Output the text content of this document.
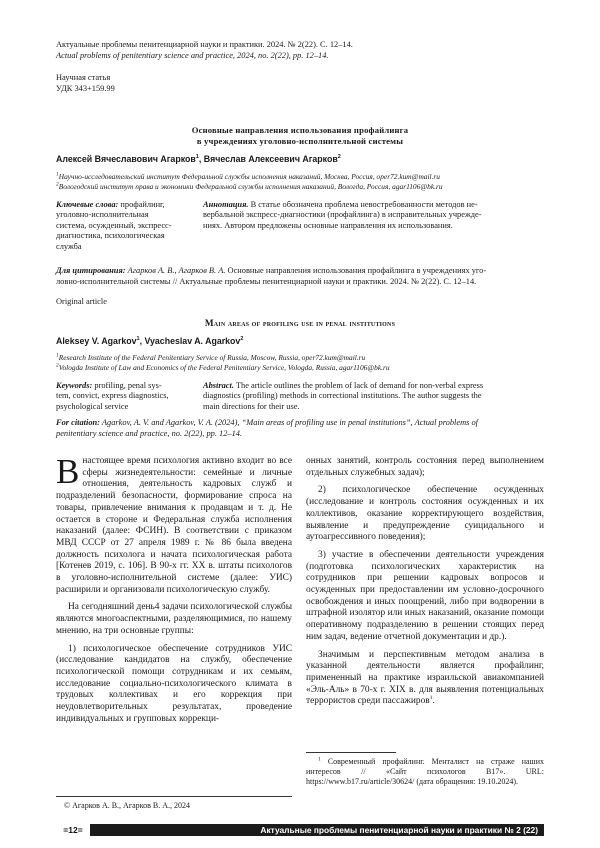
Актуальные проблемы пенитенциарной науки и практики. 2024. № 2(22). С. 12–14.
Actual problems of penitentiary science and practice, 2024, no. 2(22), pp. 12–14.
Научная статья
УДК 343+159.99
Основные направления использования профайлинга
в учреждениях уголовно-исполнительной системы
Алексей Вячеславович Агарков$^1$, Вячеслав Алексеевич Агарков$^2$
$^1$Научно-исследовательский институт Федеральной службы исполнения наказаний, Москва, Россия, oper72.kum@mail.ru
$^2$Вологодский институт права и экономики Федеральной службы исполнения наказаний, Вологда, Россия, agar1106@bk.ru
Ключевые слова: профайлинг,
уголовно-исполнительная
система, осужденный, экспресс-
диагностика, психологическая
служба
Аннотация. В статье обозначена проблема невостребованности методов не-
вербальной экспресс-диагностики (профайлинга) в исправительных учрежде-
ниях. Автором предложены основные направления их использования.
Для цитирования: Агарков А. В., Агарков В. А. Основные направления использования профайлинга в учреждениях уго-
ловно-исполнительной системы // Актуальные проблемы пенитенциарной науки и практики. 2024. № 2(22). С. 12–14.
Original article
Main areas of profiling use in penal institutions
Aleksey V. Agarkov$^1$, Vyacheslav A. Agarkov$^2$
$^1$Research Institute of the Federal Penitentiary Service of Russia, Moscow, Russia, oper72.kum@mail.ru
$^2$Vologda Institute of Law and Economics of the Federal Penitentiary Service, Vologda, Russia, agar1106@bk.ru
Keywords: profiling, penal sys-
tem, convict, express diagnostics,
psychological service
Abstract. The article outlines the problem of lack of demand for non-verbal express
diagnostics (profiling) methods in correctional institutions. The author suggests the
main directions for their use.
For citation: Agarkov, A. V. and Agarkov, V. A. (2024), “Main areas of profiling use in penal institutions”, Actual problems of
penitentiary science and practice, no. 2(22), pp. 12–14.

Внастоящее время психология активно входит во все сферы жизнедеятельности: семейные и личные отношения, деятельность кадровых служб и подразделений безопасности, формирование спроса на товары, привлечение внимания к продавцам и т. д. Не остается в стороне и Федеральная служба исполнения наказаний (далее: ФСИН). В соответствии с приказом МВД СССР от 27 апреля 1989 г. № 86 была введена должность психолога и начата психологическая работа [Котенев 2019, с. 106]. В 90-х гг. XX в. штаты психологов в уголовно-исполнительной системе (далее: УИС) расширили и организовали психологическую службу.

На сегодняшний день4 задачи психологической службы являются многоаспектными, разделяющимися, по нашему мнению, на три основные группы:

1) психологическое обеспечение сотрудников УИС (исследование кандидатов на службу, обеспечение психологической помощи сотрудникам и их семьям, исследование социально-психологического климата в трудовых коллективах и его коррекция при неудовлетворительных результатах, проведение индивидуальных и групповых коррекци-

онных занятий, контроль состояния перед выполнением отдельных служебных задач);

2) психологическое обеспечение осужденных (исследование и контроль состояния осужденных и их коллективов, оказание корректирующего воздействия, выявление и предупреждение суицидального и аутоагрессивного поведения);

3) участие в обеспечении деятельности учреждения (подготовка психологических характеристик на сотрудников при решении кадровых вопросов и осужденных при предоставлении им условно-досрочного освобождения и иных поощрений, либо при водворении в штрафной изолятор или иных наказаний, оказание помощи оперативному подразделению в решении стоящих перед ним задач, ведение отчетной документации и др.).

Значимым и перспективным методом анализа в указанной деятельности является профайлинг, примененный на практике израильской авиакомпанией «Эль-Аль» в 70-х г. XIX в. для выявления потенциальных террористов среди пассажиров$^1$.

$^1$ Современный профайлинг. Менталист на страже наших интересов // «Сайт психологов B17». URL: https://www.b17.ru/article/30624/ (дата обращения: 19.10.2024).
© Агарков А. В., Агарков В. А., 2024
=12=	Актуальные проблемы пенитенциарной науки и практики № 2 (22)
